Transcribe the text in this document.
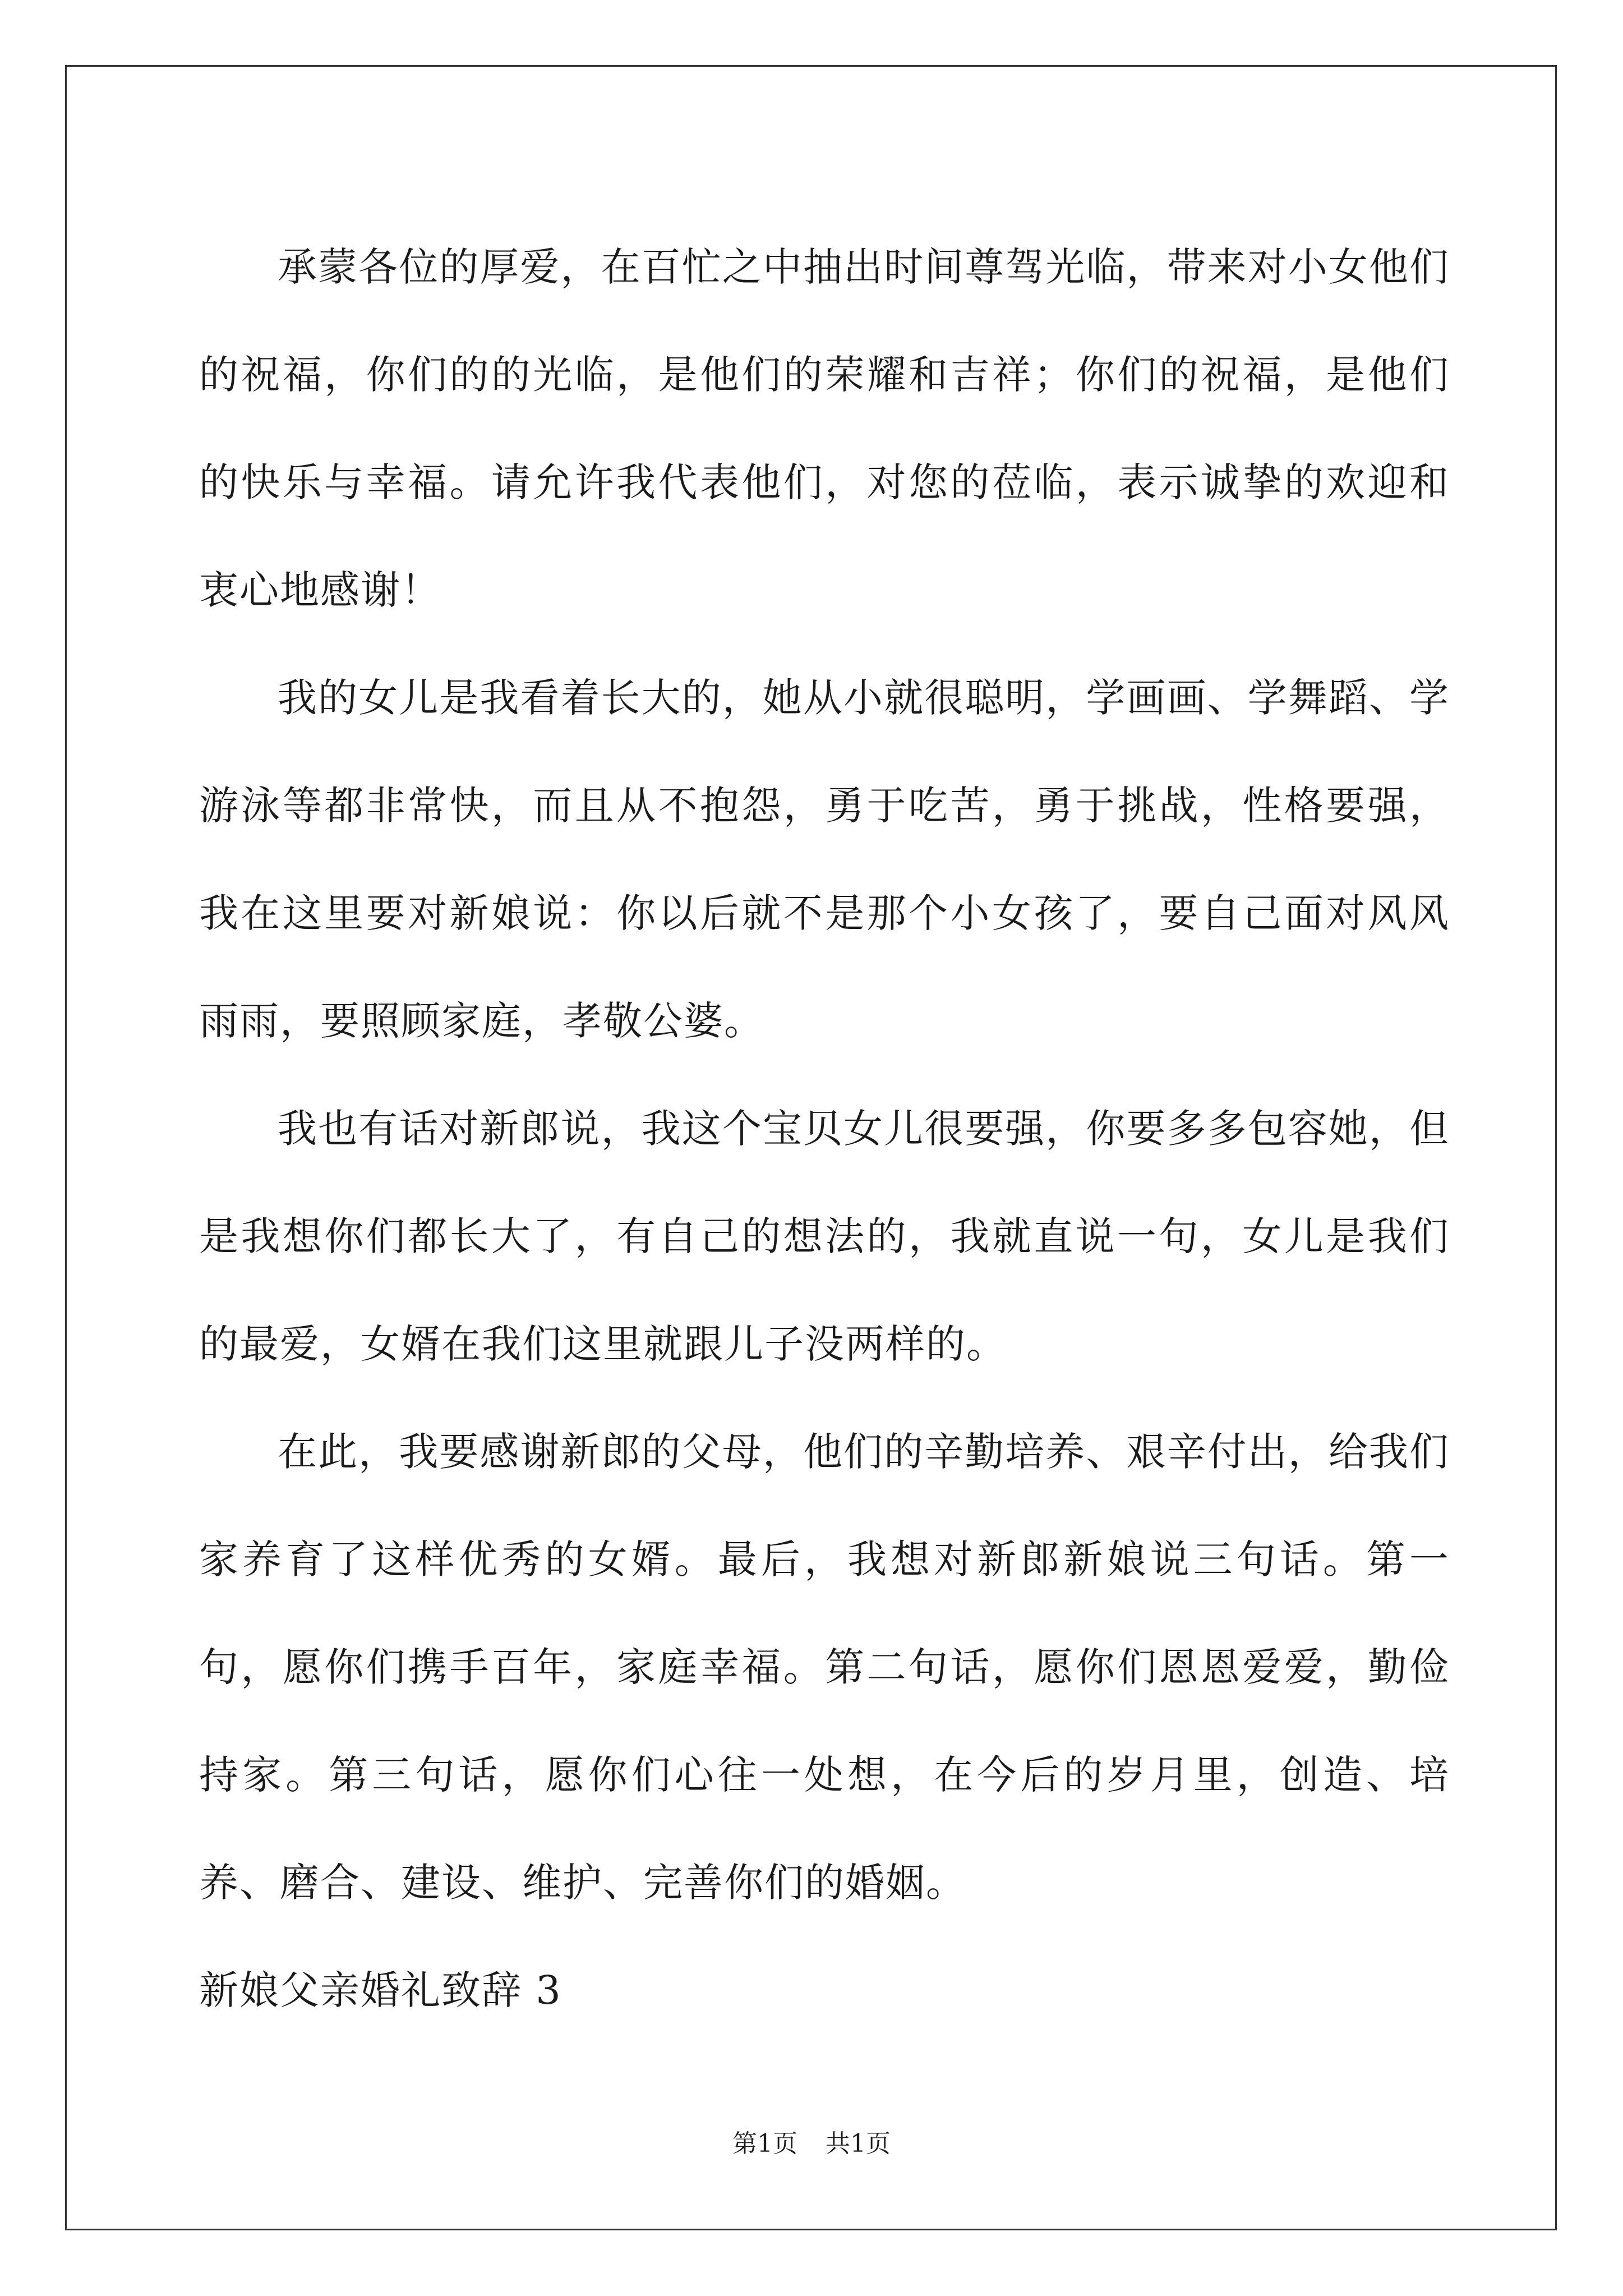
承蒙各位的厚爱，在百忙之中抽出时间尊驾光临，带来对小女他们的祝福，你们的的光临，是他们的荣耀和吉祥；你们的祝福，是他们的快乐与幸福。请允许我代表他们，对您的莅临，表示诚挚的欢迎和衷心地感谢！

我的女儿是我看着长大的，她从小就很聪明，学画画、学舞蹈、学游泳等都非常快，而且从不抱怨，勇于吃苦，勇于挑战，性格要强，我在这里要对新娘说：你以后就不是那个小女孩了，要自己面对风风雨雨，要照顾家庭，孝敬公婆。

我也有话对新郎说，我这个宝贝女儿很要强，你要多多包容她，但是我想你们都长大了，有自己的想法的，我就直说一句，女儿是我们的最爱，女婿在我们这里就跟儿子没两样的。

在此，我要感谢新郎的父母，他们的辛勤培养、艰辛付出，给我们家养育了这样优秀的女婿。最后，我想对新郎新娘说三句话。第一句，愿你们携手百年，家庭幸福。第二句话，愿你们恩恩爱爱，勤俭持家。第三句话，愿你们心往一处想，在今后的岁月里，创造、培养、磨合、建设、维护、完善你们的婚姻。

新娘父亲婚礼致辞 3

第1页 共1页
